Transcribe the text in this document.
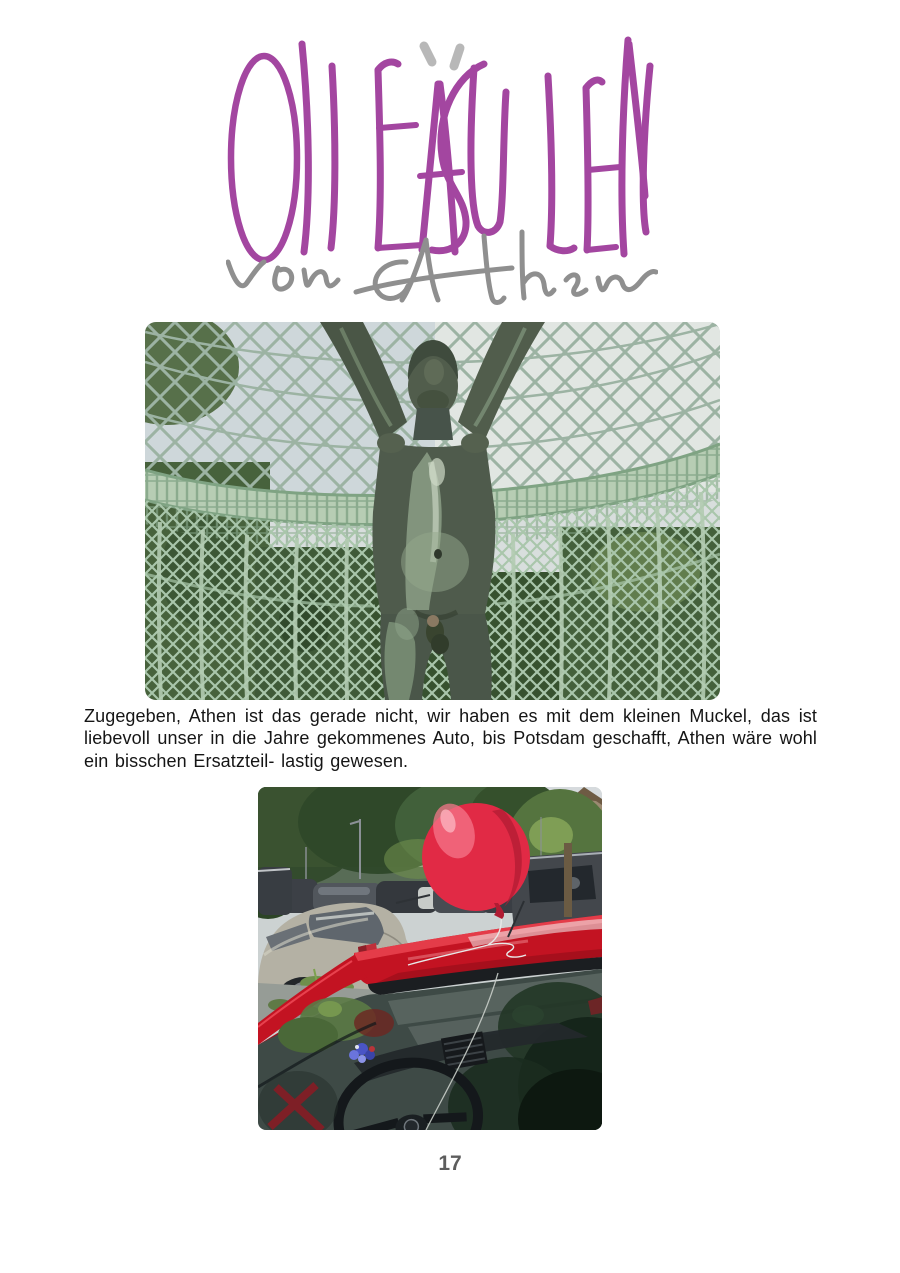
Zugegeben, Athen ist das gerade nicht, wir haben es mit dem kleinen Muckel, das ist liebevoll unser in die Jahre gekommenes Auto, bis Potsdam geschafft, Athen wäre wohl ein bisschen Ersatzteil- lastig gewesen.

17
